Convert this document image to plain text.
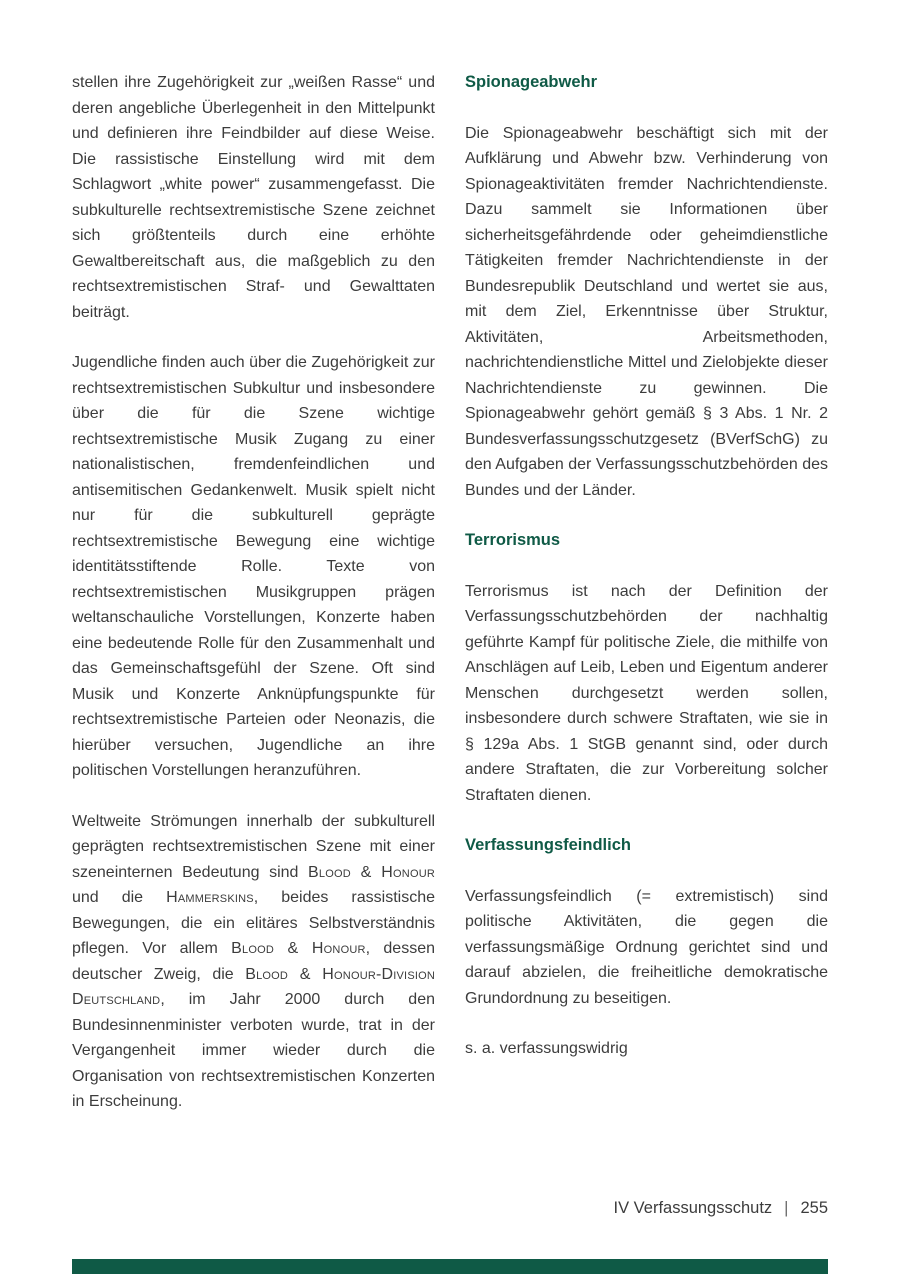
stellen ihre Zugehörigkeit zur „weißen Rasse“ und deren angebliche Überlegenheit in den Mittelpunkt und definieren ihre Feindbilder auf diese Weise. Die rassistische Einstellung wird mit dem Schlagwort „white power“ zusammengefasst. Die subkulturelle rechtsextremistische Szene zeichnet sich größtenteils durch eine erhöhte Gewaltbereitschaft aus, die maßgeblich zu den rechtsextremistischen Straf- und Gewalttaten beiträgt.

Jugendliche finden auch über die Zugehörigkeit zur rechtsextremistischen Subkultur und insbesondere über die für die Szene wichtige rechtsextremistische Musik Zugang zu einer nationalistischen, fremdenfeindlichen und antisemitischen Gedankenwelt. Musik spielt nicht nur für die subkulturell geprägte rechtsextremistische Bewegung eine wichtige identitätsstiftende Rolle. Texte von rechtsextremistischen Musikgruppen prägen weltanschauliche Vorstellungen, Konzerte haben eine bedeutende Rolle für den Zusammenhalt und das Gemeinschaftsgefühl der Szene. Oft sind Musik und Konzerte Anknüpfungspunkte für rechtsextremistische Parteien oder Neonazis, die hierüber versuchen, Jugendliche an ihre politischen Vorstellungen heranzuführen.

Weltweite Strömungen innerhalb der subkulturell geprägten rechtsextremistischen Szene mit einer szeneinternen Bedeutung sind Blood & Honour und die Hammerskins, beides rassistische Bewegungen, die ein elitäres Selbstverständnis pflegen. Vor allem Blood & Honour, dessen deutscher Zweig, die Blood & Honour-Division Deutschland, im Jahr 2000 durch den Bundesinnenminister verboten wurde, trat in der Vergangenheit immer wieder durch die Organisation von rechtsextremistischen Konzerten in Erscheinung.

Spionageabwehr

Die Spionageabwehr beschäftigt sich mit der Aufklärung und Abwehr bzw. Verhinderung von Spionageaktivitäten fremder Nachrichtendienste. Dazu sammelt sie Informationen über sicherheitsgefährdende oder geheimdienstliche Tätigkeiten fremder Nachrichtendienste in der Bundesrepublik Deutschland und wertet sie aus, mit dem Ziel, Erkenntnisse über Struktur, Aktivitäten, Arbeitsmethoden, nachrichtendienstliche Mittel und Zielobjekte dieser Nachrichtendienste zu gewinnen. Die Spionageabwehr gehört gemäß § 3 Abs. 1 Nr. 2 Bundesverfassungsschutzgesetz (BVerfSchG) zu den Aufgaben der Verfassungsschutzbehörden des Bundes und der Länder.

Terrorismus

Terrorismus ist nach der Definition der Verfassungsschutzbehörden der nachhaltig geführte Kampf für politische Ziele, die mithilfe von Anschlägen auf Leib, Leben und Eigentum anderer Menschen durchgesetzt werden sollen, insbesondere durch schwere Straftaten, wie sie in § 129a Abs. 1 StGB genannt sind, oder durch andere Straftaten, die zur Vorbereitung solcher Straftaten dienen.

Verfassungsfeindlich

Verfassungsfeindlich (= extremistisch) sind politische Aktivitäten, die gegen die verfassungsmäßige Ordnung gerichtet sind und darauf abzielen, die freiheitliche demokratische Grundordnung zu beseitigen.

s. a. verfassungswidrig

IV Verfassungsschutz | 255
